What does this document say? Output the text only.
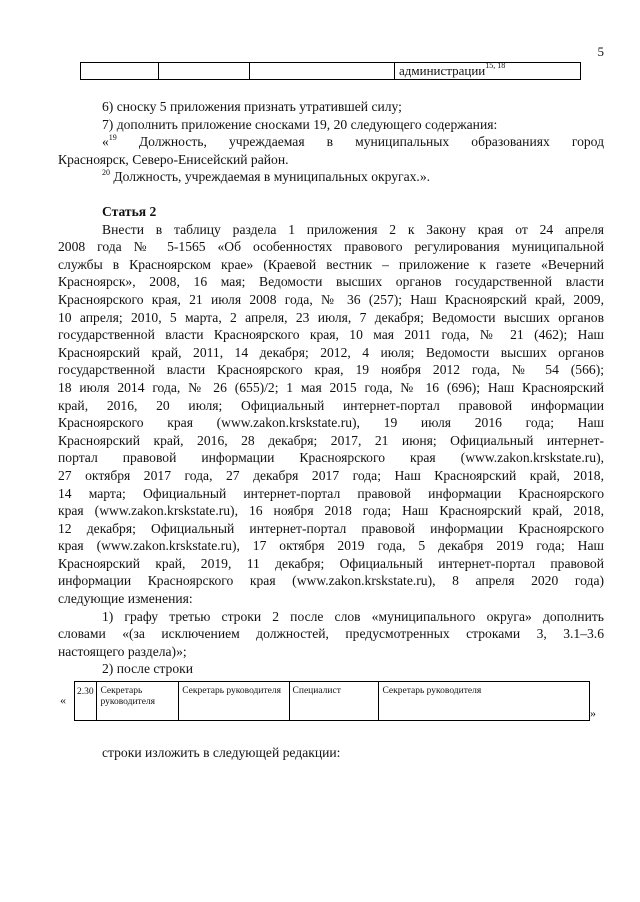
5
			администрации$^{15, 18}$
6) сноску 5 приложения признать утратившей силу;
7) дополнить приложение сносками 19, 20 следующего содержания:
«$^{19}$ Должность, учреждаемая в муниципальных образованиях город
Красноярск, Северо-Енисейский район.
$^{20}$ Должность, учреждаемая в муниципальных округах.».
Статья 2
Внести в таблицу раздела 1 приложения 2 к Закону края от 24 апреля
2008 года № 5-1565 «Об особенностях правового регулирования муниципальной
службы в Красноярском крае» (Краевой вестник – приложение к газете «Вечерний
Красноярск», 2008, 16 мая; Ведомости высших органов государственной власти
Красноярского края, 21 июля 2008 года, № 36 (257); Наш Красноярский край, 2009,
10 апреля; 2010, 5 марта, 2 апреля, 23 июля, 7 декабря; Ведомости высших органов
государственной власти Красноярского края, 10 мая 2011 года, № 21 (462); Наш
Красноярский край, 2011, 14 декабря; 2012, 4 июля; Ведомости высших органов
государственной власти Красноярского края, 19 ноября 2012 года, № 54 (566);
18 июля 2014 года, № 26 (655)/2; 1 мая 2015 года, № 16 (696); Наш Красноярский
край, 2016, 20 июля; Официальный интернет-портал правовой информации
Красноярского края (www.zakon.krskstate.ru), 19 июля 2016 года; Наш
Красноярский край, 2016, 28 декабря; 2017, 21 июня; Официальный интернет-
портал правовой информации Красноярского края (www.zakon.krskstate.ru),
27 октября 2017 года, 27 декабря 2017 года; Наш Красноярский край, 2018,
14 марта; Официальный интернет-портал правовой информации Красноярского
края (www.zakon.krskstate.ru), 16 ноября 2018 года; Наш Красноярский край, 2018,
12 декабря; Официальный интернет-портал правовой информации Красноярского
края (www.zakon.krskstate.ru), 17 октября 2019 года, 5 декабря 2019 года; Наш
Красноярский край, 2019, 11 декабря; Официальный интернет-портал правовой
информации Красноярского края (www.zakon.krskstate.ru), 8 апреля 2020 года)
следующие изменения:
1) графу третью строки 2 после слов «муниципального округа» дополнить
словами «(за исключением должностей, предусмотренных строками 3, 3.1–3.6
настоящего раздела)»;
2) после строки
«
2.30	Секретарь руководителя	Секретарь руководителя	Специалист	Секретарь руководителя
»
строки изложить в следующей редакции:
